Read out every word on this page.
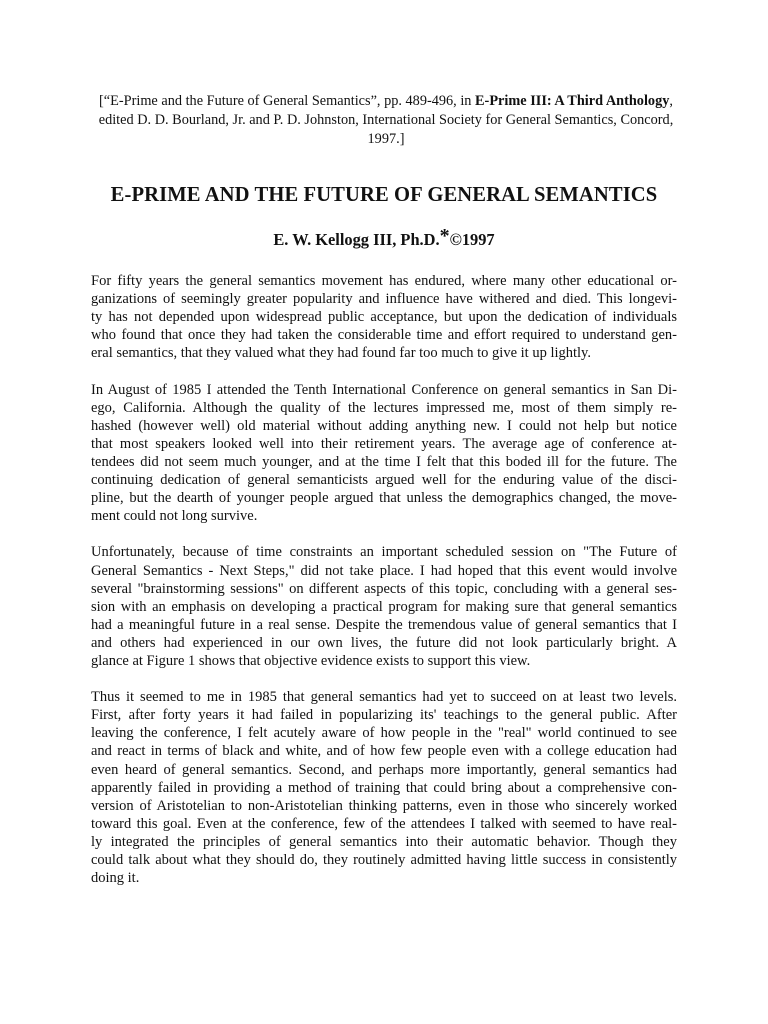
[“E-Prime and the Future of General Semantics”, pp. 489-496, in E-Prime III: A Third Anthology, edited D. D. Bourland, Jr. and P. D. Johnston, International Society for General Semantics, Concord, 1997.]
E-PRIME AND THE FUTURE OF GENERAL SEMANTICS
E. W. Kellogg III, Ph.D.*©1997

For fifty years the general semantics movement has endured, where many other educational or-
ganizations of seemingly greater popularity and influence have withered and died. This longevi-
ty has not depended upon widespread public acceptance, but upon the dedication of individuals
who found that once they had taken the considerable time and effort required to understand gen-
eral semantics, that they valued what they had found far too much to give it up lightly.

In August of 1985 I attended the Tenth International Conference on general semantics in San Di-
ego, California. Although the quality of the lectures impressed me, most of them simply re-
hashed (however well) old material without adding anything new. I could not help but notice
that most speakers looked well into their retirement years. The average age of conference at-
tendees did not seem much younger, and at the time I felt that this boded ill for the future. The
continuing dedication of general semanticists argued well for the enduring value of the disci-
pline, but the dearth of younger people argued that unless the demographics changed, the move-
ment could not long survive.

Unfortunately, because of time constraints an important scheduled session on "The Future of
General Semantics - Next Steps," did not take place. I had hoped that this event would involve
several "brainstorming sessions" on different aspects of this topic, concluding with a general ses-
sion with an emphasis on developing a practical program for making sure that general semantics
had a meaningful future in a real sense. Despite the tremendous value of general semantics that I
and others had experienced in our own lives, the future did not look particularly bright. A
glance at Figure 1 shows that objective evidence exists to support this view.

Thus it seemed to me in 1985 that general semantics had yet to succeed on at least two levels.
First, after forty years it had failed in popularizing its' teachings to the general public. After
leaving the conference, I felt acutely aware of how people in the "real" world continued to see
and react in terms of black and white, and of how few people even with a college education had
even heard of general semantics. Second, and perhaps more importantly, general semantics had
apparently failed in providing a method of training that could bring about a comprehensive con-
version of Aristotelian to non-Aristotelian thinking patterns, even in those who sincerely worked
toward this goal. Even at the conference, few of the attendees I talked with seemed to have real-
ly integrated the principles of general semantics into their automatic behavior. Though they
could talk about what they should do, they routinely admitted having little success in consistently
doing it.
